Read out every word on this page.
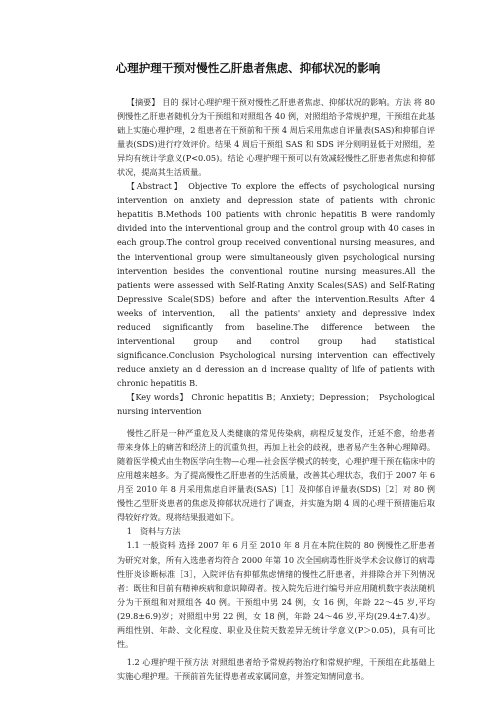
心理护理干预对慢性乙肝患者焦虑、抑郁状况的影响

【摘要】 目的 探讨心理护理干预对慢性乙肝患者焦虑、抑郁状况的影响。方法 将 80 例慢性乙肝患者随机分为干预组和对照组各 40 例，对照组给予常规护理，干预组在此基础上实施心理护理，2 组患者在干预前和干预 4 周后采用焦虑自评量表(SAS)和抑郁自评量表(SDS)进行疗效评价。结果 4 周后干预组 SAS 和 SDS 评分则明显低于对照组，差异均有统计学意义(P<0.05)。结论 心理护理干预可以有效减轻慢性乙肝患者焦虑和抑郁状况，提高其生活质量。

【Abstract】 Objective To explore the effects of psychological nursing intervention on anxiety and depression state of patients with chronic hepatitis B.Methods 100 patients with chronic hepatitis B were randomly divided into the interventional group and the control group with 40 cases in each group.The control group received conventional nursing measures, and the interventional group were simultaneously given psychological nursing intervention besides the conventional routine nursing measures.All the patients were assessed with Self-Rating Anxity Scales(SAS) and Self-Rating Depressive Scale(SDS) before and after the intervention.Results After 4 weeks of intervention,　all the patients' anxiety and depressive index reduced significantly from baseline.The difference between the interventional group and control group had statistical significance.Conclusion Psychological nursing intervention can effectively reduce anxiety an d deression an d increase quality of life of patients with chronic hepatitis B.

【Key words】 Chronic hepatitis B；Anxiety；Depression；　Psychological nursing intervention

慢性乙肝是一种严重危及人类健康的常见传染病，病程反复发作，迁延不愈，给患者带来身体上的痛苦和经济上的沉重负担，再加上社会的歧视，患者易产生各种心理障碍。随着医学模式由生物医学向生物—心理—社会医学模式的转变，心理护理干预在临床中的应用越来越多。为了提高慢性乙肝患者的生活质量，改善其心理状态，我们于 2007 年 6 月至 2010 年 8 月采用焦虑自评量表(SAS)［1］及抑郁自评量表(SDS)［2］对 80 例慢性乙型肝炎患者的焦虑及抑郁状况进行了调查，并实施为期 4 周的心理干预措施后取得较好疗效。现将结果报道如下。

1　资料与方法

1.1 一般资料 选择 2007 年 6 月至 2010 年 8 月在本院住院的 80 例慢性乙肝患者为研究对象，所有入选患者均符合 2000 年第 10 次全国病毒性肝炎学术会议修订的病毒性肝炎诊断标准［3］，入院评估有抑郁焦虑情绪的慢性乙肝患者，并排除合并下列情况者：既往和目前有精神疾病和意识障碍者。按入院先后进行编号并应用随机数字表法随机分为干预组和对照组各 40 例。干预组中男 24 例，女 16 例，年龄 22～45 岁,平均(29.8±6.9)岁；对照组中男 22 例，女 18 例，年龄 24～46 岁,平均(29.4±7.4)岁。两组性别、年龄、文化程度、职业及住院天数差异无统计学意义(P＞0.05)，具有可比性。

1.2 心理护理干预方法 对照组患者给予常规药物治疗和常规护理，干预组在此基础上实施心理护理。干预前首先征得患者或家属同意，并签定知情同意书。
